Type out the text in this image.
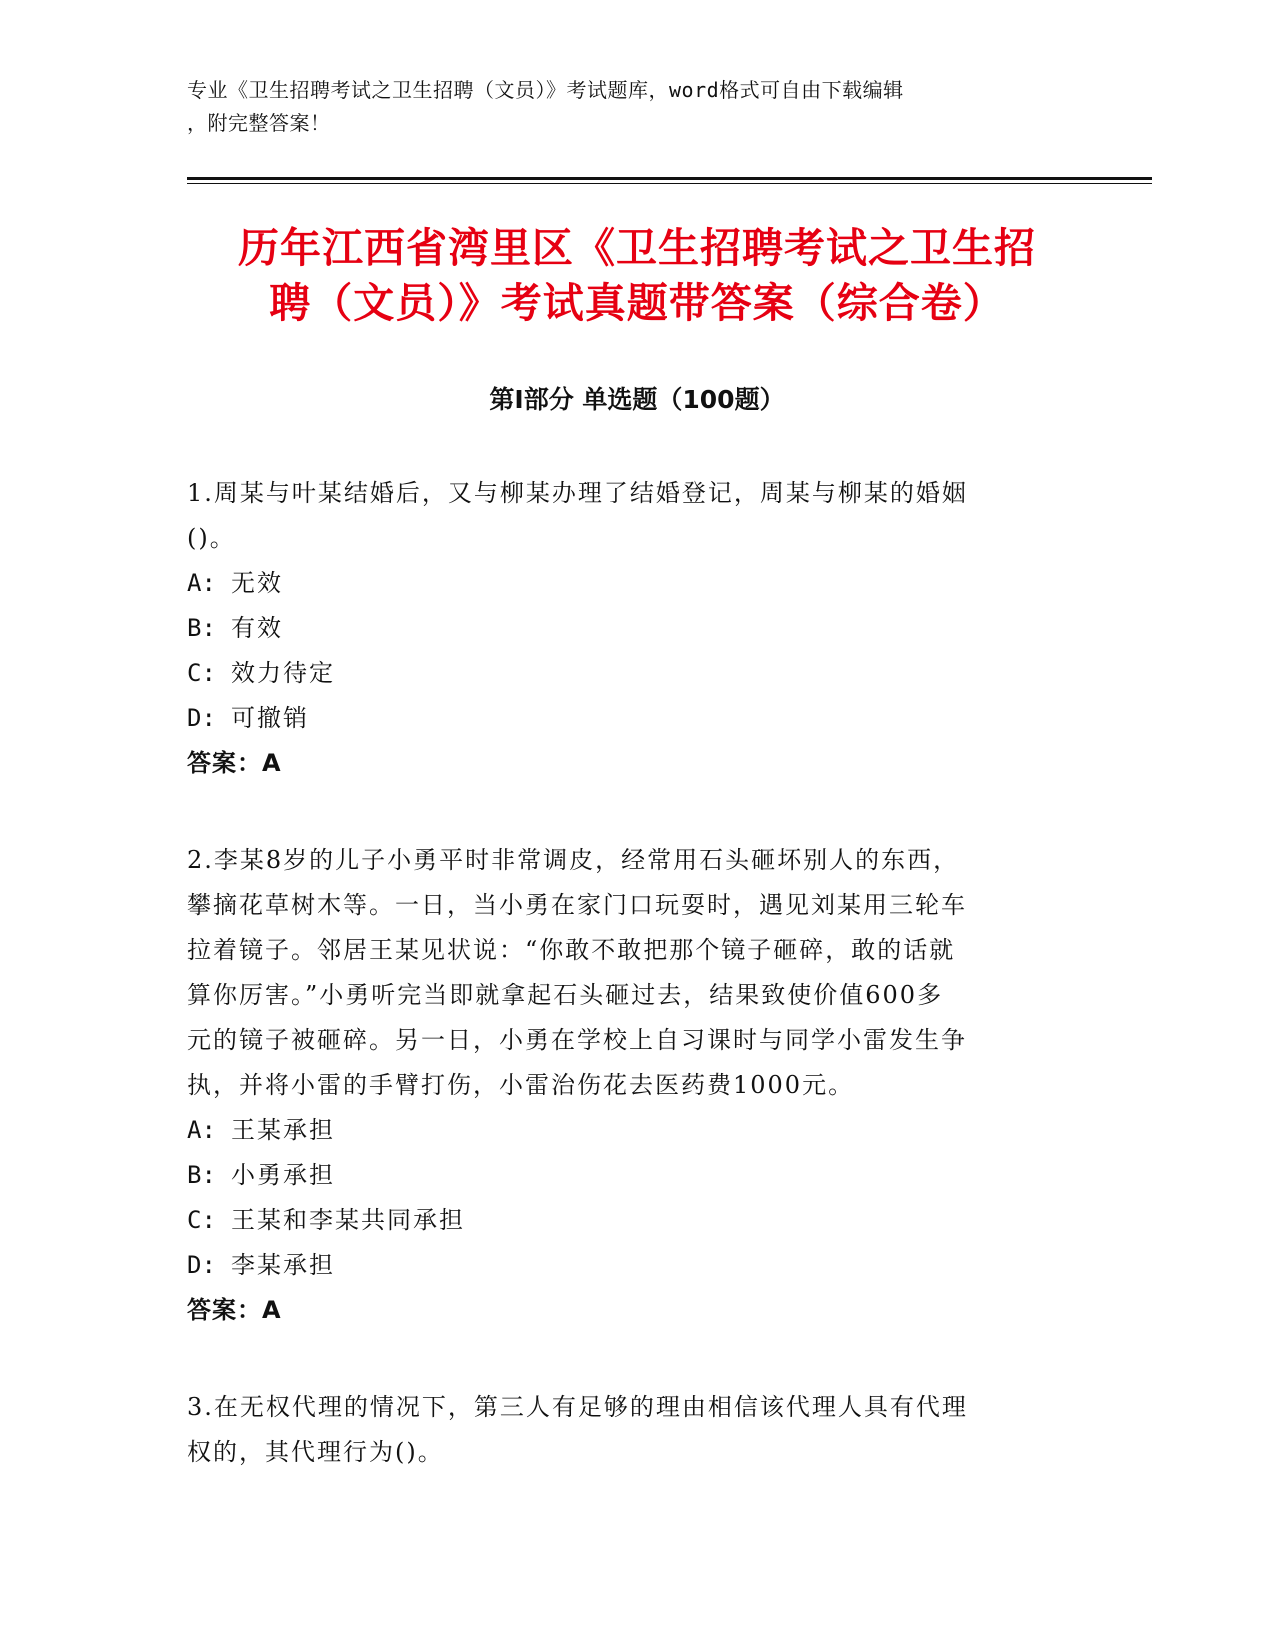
专业《卫生招聘考试之卫生招聘（文员）》考试题库，word格式可自由下载编辑
，附完整答案！
历年江西省湾里区《卫生招聘考试之卫生招
聘（文员）》考试真题带答案（综合卷）
第Ⅰ部分 单选题（100题）

1.周某与叶某结婚后，又与柳某办理了结婚登记，周某与柳某的婚姻

()。

A: 无效

B: 有效

C: 效力待定

D: 可撤销

答案：A

2.李某8岁的儿子小勇平时非常调皮，经常用石头砸坏别人的东西，

攀摘花草树木等。一日，当小勇在家门口玩耍时，遇见刘某用三轮车

拉着镜子。邻居王某见状说：“你敢不敢把那个镜子砸碎，敢的话就

算你厉害。”小勇听完当即就拿起石头砸过去，结果致使价值600多

元的镜子被砸碎。另一日，小勇在学校上自习课时与同学小雷发生争

执，并将小雷的手臂打伤，小雷治伤花去医药费1000元。

A: 王某承担

B: 小勇承担

C: 王某和李某共同承担

D: 李某承担

答案：A

3.在无权代理的情况下，第三人有足够的理由相信该代理人具有代理

权的，其代理行为()。
